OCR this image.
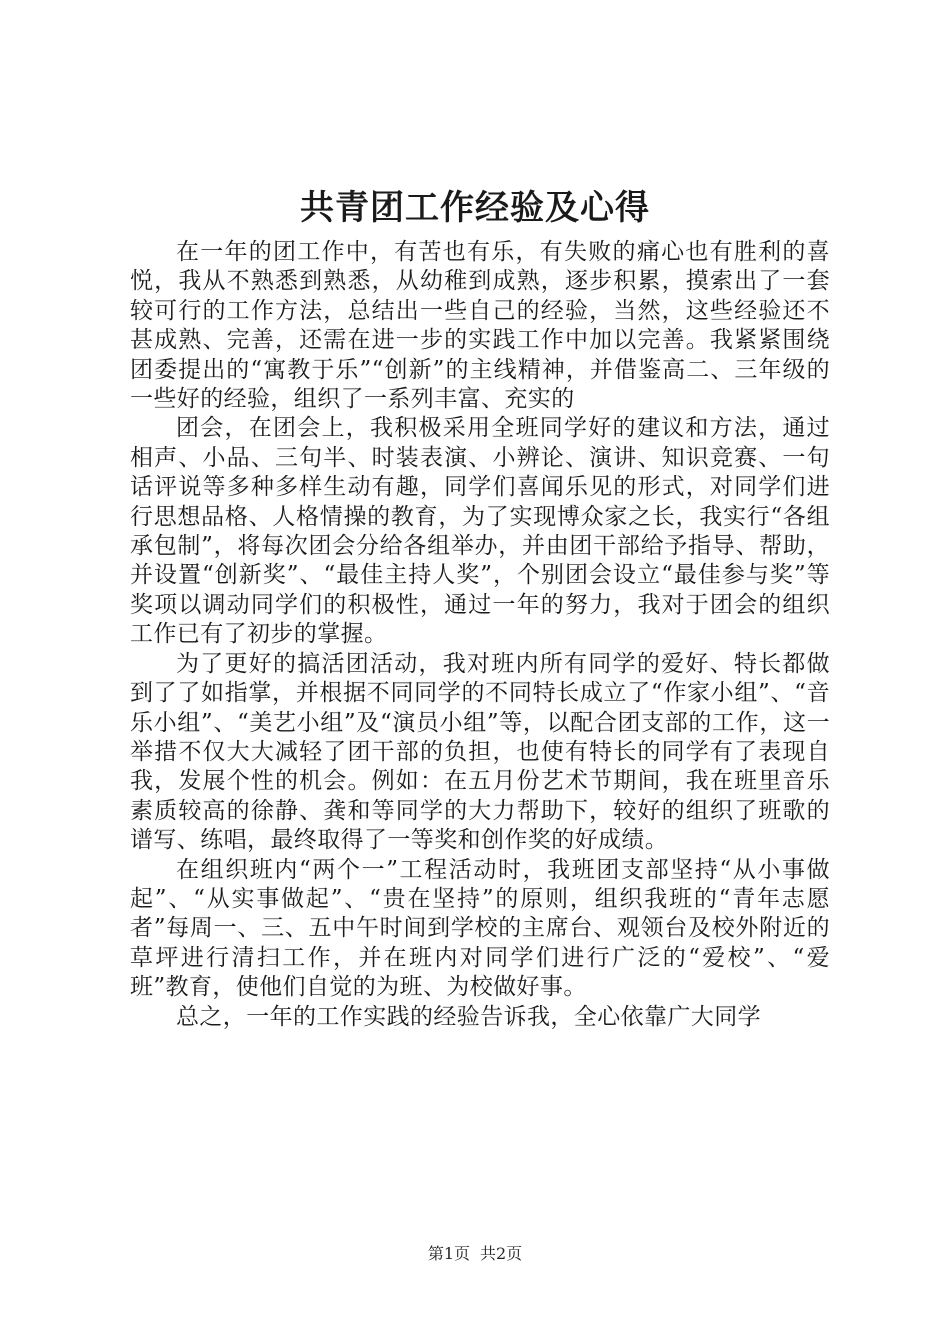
共青团工作经验及心得

在一年的团工作中，有苦也有乐，有失败的痛心也有胜利的喜悦，我从不熟悉到熟悉，从幼稚到成熟，逐步积累，摸索出了一套较可行的工作方法，总结出一些自己的经验，当然，这些经验还不甚成熟、完善，还需在进一步的实践工作中加以完善。我紧紧围绕团委提出的“寓教于乐”“创新”的主线精神，并借鉴高二、三年级的一些好的经验，组织了一系列丰富、充实的

团会，在团会上，我积极采用全班同学好的建议和方法，通过相声、小品、三句半、时装表演、小辨论、演讲、知识竞赛、一句话评说等多种多样生动有趣，同学们喜闻乐见的形式，对同学们进行思想品格、人格情操的教育，为了实现博众家之长，我实行“各组承包制”，将每次团会分给各组举办，并由团干部给予指导、帮助，并设置“创新奖”、“最佳主持人奖”，个别团会设立“最佳参与奖”等奖项以调动同学们的积极性，通过一年的努力，我对于团会的组织工作已有了初步的掌握。

为了更好的搞活团活动，我对班内所有同学的爱好、特长都做到了了如指掌，并根据不同同学的不同特长成立了“作家小组”、“音乐小组”、“美艺小组”及“演员小组”等，以配合团支部的工作，这一举措不仅大大减轻了团干部的负担，也使有特长的同学有了表现自我，发展个性的机会。例如：在五月份艺术节期间，我在班里音乐素质较高的徐静、龚和等同学的大力帮助下，较好的组织了班歌的谱写、练唱，最终取得了一等奖和创作奖的好成绩。

在组织班内“两个一”工程活动时，我班团支部坚持“从小事做起”、“从实事做起”、“贵在坚持”的原则，组织我班的“青年志愿者”每周一、三、五中午时间到学校的主席台、观领台及校外附近的草坪进行清扫工作，并在班内对同学们进行广泛的“爱校”、“爱班”教育，使他们自觉的为班、为校做好事。

总之，一年的工作实践的经验告诉我，全心依靠广大同学

第1页 共2页
